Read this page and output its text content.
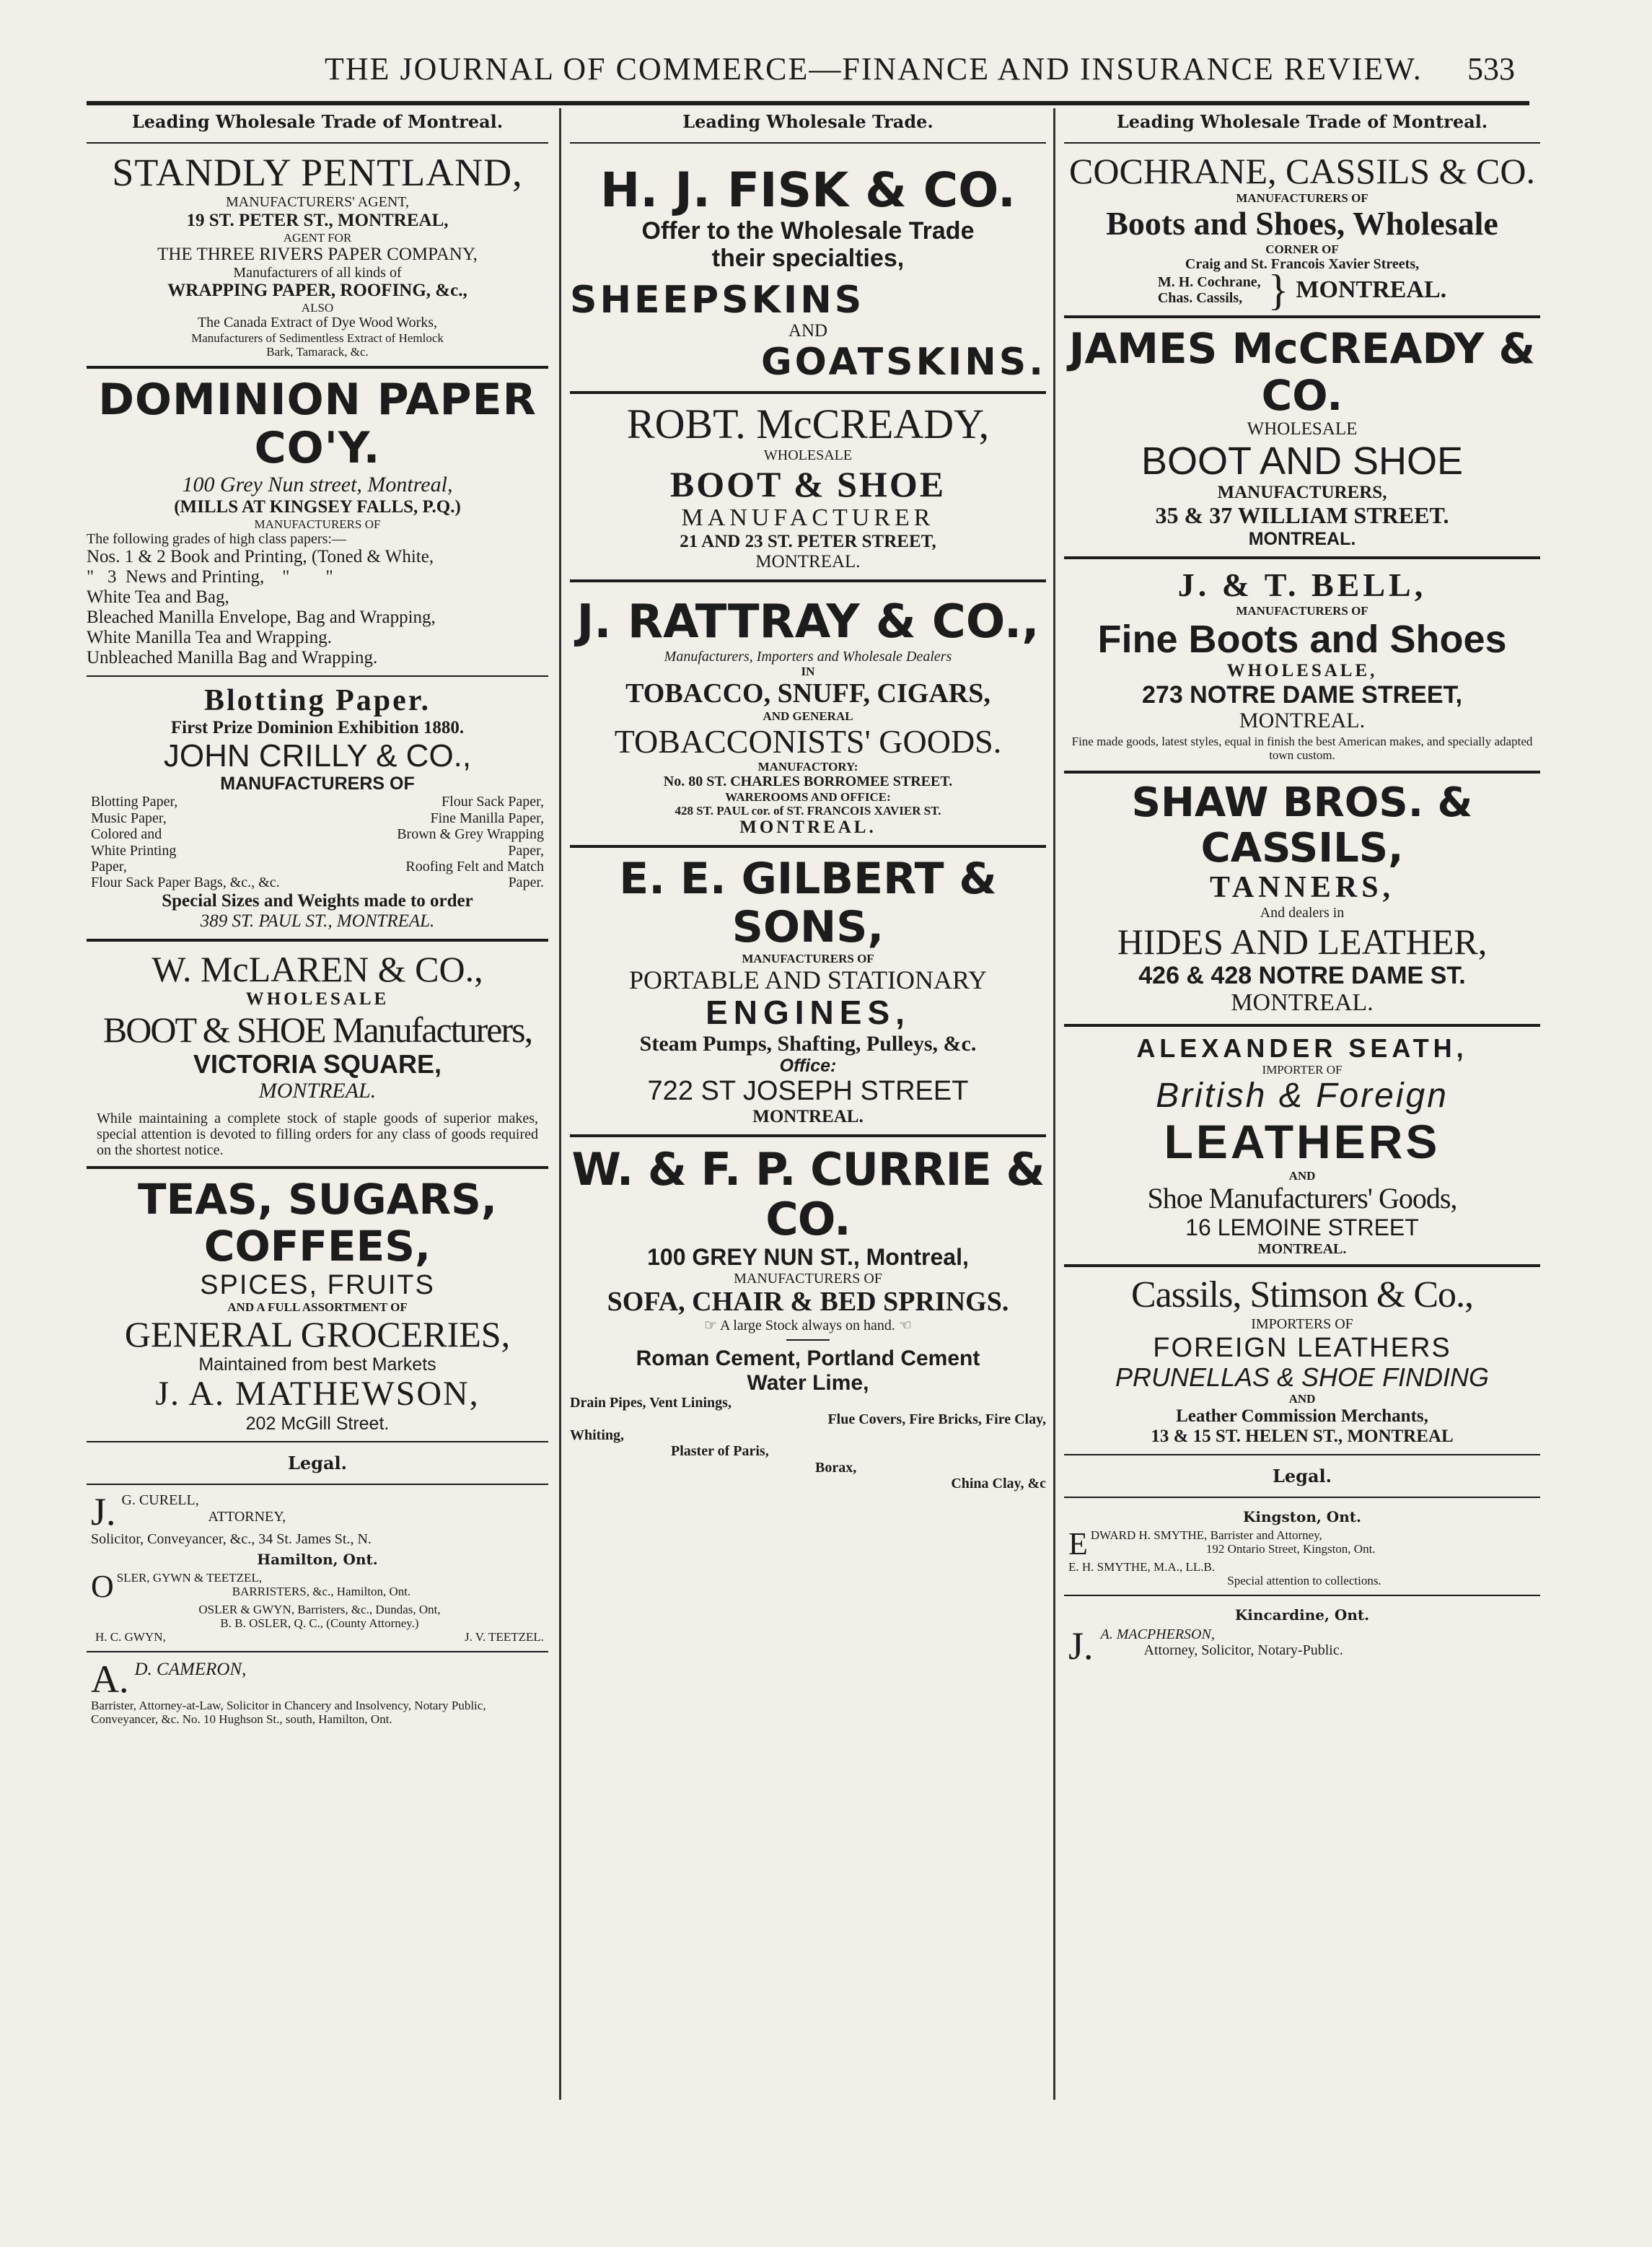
THE JOURNAL OF COMMERCE—FINANCE AND INSURANCE REVIEW. 533
Leading Wholesale Trade of Montreal.
STANDLY PENTLAND,
MANUFACTURERS' AGENT,
19 ST. PETER ST., MONTREAL,
AGENT FOR
THE THREE RIVERS PAPER COMPANY,
Manufacturers of all kinds of
WRAPPING PAPER, ROOFING, &c.,
ALSO
The Canada Extract of Dye Wood Works,
Manufacturers of Sedimentless Extract of Hemlock
Bark, Tamarack, &c.
DOMINION PAPER CO'Y.
100 Grey Nun street, Montreal,
(MILLS AT KINGSEY FALLS, P.Q.)
MANUFACTURERS OF
The following grades of high class papers:—
Nos. 1 & 2 Book and Printing, (Toned & White,
"   3  News and Printing,    "        "
White Tea and Bag,
Bleached Manilla Envelope, Bag and Wrapping,
White Manilla Tea and Wrapping.
Unbleached Manilla Bag and Wrapping.
Blotting Paper.
First Prize Dominion Exhibition 1880.
JOHN CRILLY & CO.,
MANUFACTURERS OF
Blotting Paper,	Flour Sack Paper,
Music Paper,	Fine Manilla Paper,
Colored and	Brown & Grey Wrapping
White Printing	Paper,
Paper,	Roofing Felt and Match
Flour Sack Paper Bags, &c., &c.	Paper.
Special Sizes and Weights made to order
389 ST. PAUL ST., MONTREAL.
W. McLAREN & CO.,
WHOLESALE
BOOT & SHOE Manufacturers,
VICTORIA SQUARE,
MONTREAL.
While maintaining a complete stock of staple goods of superior makes, special attention is devoted to filling orders for any class of goods required on the shortest notice.
TEAS, SUGARS, COFFEES,
SPICES, FRUITS
AND A FULL ASSORTMENT OF
GENERAL GROCERIES,
Maintained from best Markets
J. A. MATHEWSON,
202 McGill Street.
Legal.
J. G. CURELL,
ATTORNEY,
Solicitor, Conveyancer, &c., 34 St. James St., N.
Hamilton, Ont.
O SLER, GYWN & TEETZEL,
BARRISTERS, &c., Hamilton, Ont.
OSLER & GWYN, Barristers, &c., Dundas, Ont,
B. B. OSLER, Q. C., (County Attorney.)
H. C. GWYN,	J. V. TEETZEL.
A. D. CAMERON,
Barrister, Attorney-at-Law, Solicitor in Chancery and Insolvency, Notary Public, Conveyancer, &c. No. 10 Hughson St., south, Hamilton, Ont.
Leading Wholesale Trade.
H. J. FISK & CO.
Offer to the Wholesale Trade
their specialties,
SHEEPSKINS
AND
GOATSKINS.
ROBT. McCREADY,
WHOLESALE
BOOT & SHOE
MANUFACTURER
21 AND 23 ST. PETER STREET,
MONTREAL.
J. RATTRAY & CO.,
Manufacturers, Importers and Wholesale Dealers
IN
TOBACCO, SNUFF, CIGARS,
AND GENERAL
TOBACCONISTS' GOODS.
MANUFACTORY:
No. 80 ST. CHARLES BORROMEE STREET.
WAREROOMS AND OFFICE:
428 ST. PAUL cor. of ST. FRANCOIS XAVIER ST.
MONTREAL.
E. E. GILBERT & SONS,
MANUFACTURERS OF
PORTABLE AND STATIONARY
ENGINES,
Steam Pumps, Shafting, Pulleys, &c.
Office:
722 ST JOSEPH STREET
MONTREAL.
W. & F. P. CURRIE & CO.
100 GREY NUN ST., Montreal,
MANUFACTURERS OF
SOFA, CHAIR & BED SPRINGS.
☞ A large Stock always on hand. ☜
Roman Cement, Portland Cement
Water Lime,
Drain Pipes, Vent Linings,
Flue Covers, Fire Bricks, Fire Clay,
Whiting,
Plaster of Paris,
Borax,
China Clay, &c
Leading Wholesale Trade of Montreal.
COCHRANE, CASSILS & CO.
MANUFACTURERS OF
Boots and Shoes, Wholesale
CORNER OF
Craig and St. Francois Xavier Streets,
M. H. Cochrane,
Chas. Cassils, } MONTREAL.
JAMES McCREADY & CO.
WHOLESALE
BOOT AND SHOE
MANUFACTURERS,
35 & 37 WILLIAM STREET.
MONTREAL.
J. & T. BELL,
MANUFACTURERS OF
Fine Boots and Shoes
WHOLESALE,
273 NOTRE DAME STREET,
MONTREAL.
Fine made goods, latest styles, equal in finish the best American makes, and specially adapted town custom.
SHAW BROS. & CASSILS,
TANNERS,
And dealers in
HIDES AND LEATHER,
426 & 428 NOTRE DAME ST.
MONTREAL.
ALEXANDER SEATH,
IMPORTER OF
British & Foreign
LEATHERS
AND
Shoe Manufacturers' Goods,
16 LEMOINE STREET
MONTREAL.
Cassils, Stimson & Co.,
IMPORTERS OF
FOREIGN LEATHERS
PRUNELLAS & SHOE FINDING
AND
Leather Commission Merchants,
13 & 15 ST. HELEN ST., MONTREAL
Legal.
Kingston, Ont.
E DWARD H. SMYTHE, Barrister and Attorney,
192 Ontario Street, Kingston, Ont.
E. H. SMYTHE, M.A., LL.B.
Special attention to collections.
Kincardine, Ont.
J. A. MACPHERSON,
Attorney, Solicitor, Notary-Public.
